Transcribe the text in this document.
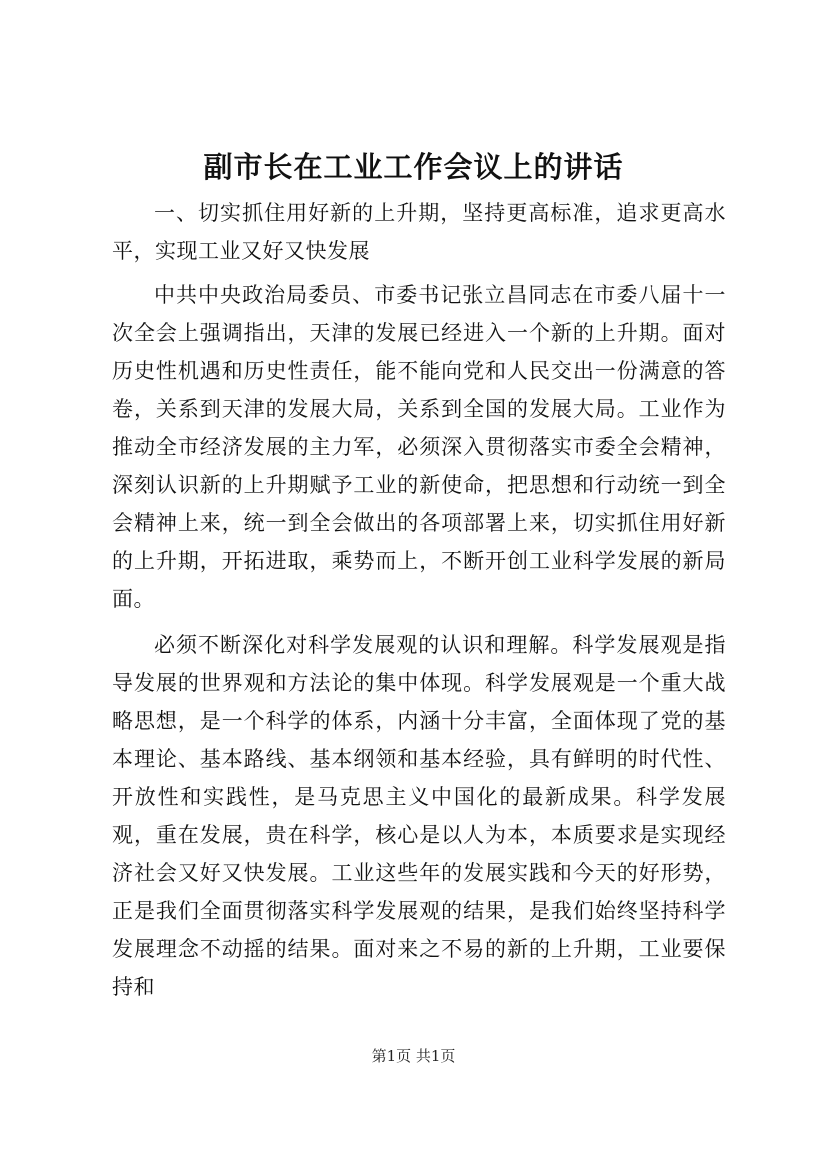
副市长在工业工作会议上的讲话

一、切实抓住用好新的上升期，坚持更高标准，追求更高水平，实现工业又好又快发展

中共中央政治局委员、市委书记张立昌同志在市委八届十一次全会上强调指出，天津的发展已经进入一个新的上升期。面对历史性机遇和历史性责任，能不能向党和人民交出一份满意的答卷，关系到天津的发展大局，关系到全国的发展大局。工业作为推动全市经济发展的主力军，必须深入贯彻落实市委全会精神，深刻认识新的上升期赋予工业的新使命，把思想和行动统一到全会精神上来，统一到全会做出的各项部署上来，切实抓住用好新的上升期，开拓进取，乘势而上，不断开创工业科学发展的新局面。

必须不断深化对科学发展观的认识和理解。科学发展观是指导发展的世界观和方法论的集中体现。科学发展观是一个重大战略思想，是一个科学的体系，内涵十分丰富，全面体现了党的基本理论、基本路线、基本纲领和基本经验，具有鲜明的时代性、开放性和实践性，是马克思主义中国化的最新成果。科学发展观，重在发展，贵在科学，核心是以人为本，本质要求是实现经济社会又好又快发展。工业这些年的发展实践和今天的好形势，正是我们全面贯彻落实科学发展观的结果，是我们始终坚持科学发展理念不动摇的结果。面对来之不易的新的上升期，工业要保持和

第1页 共1页
